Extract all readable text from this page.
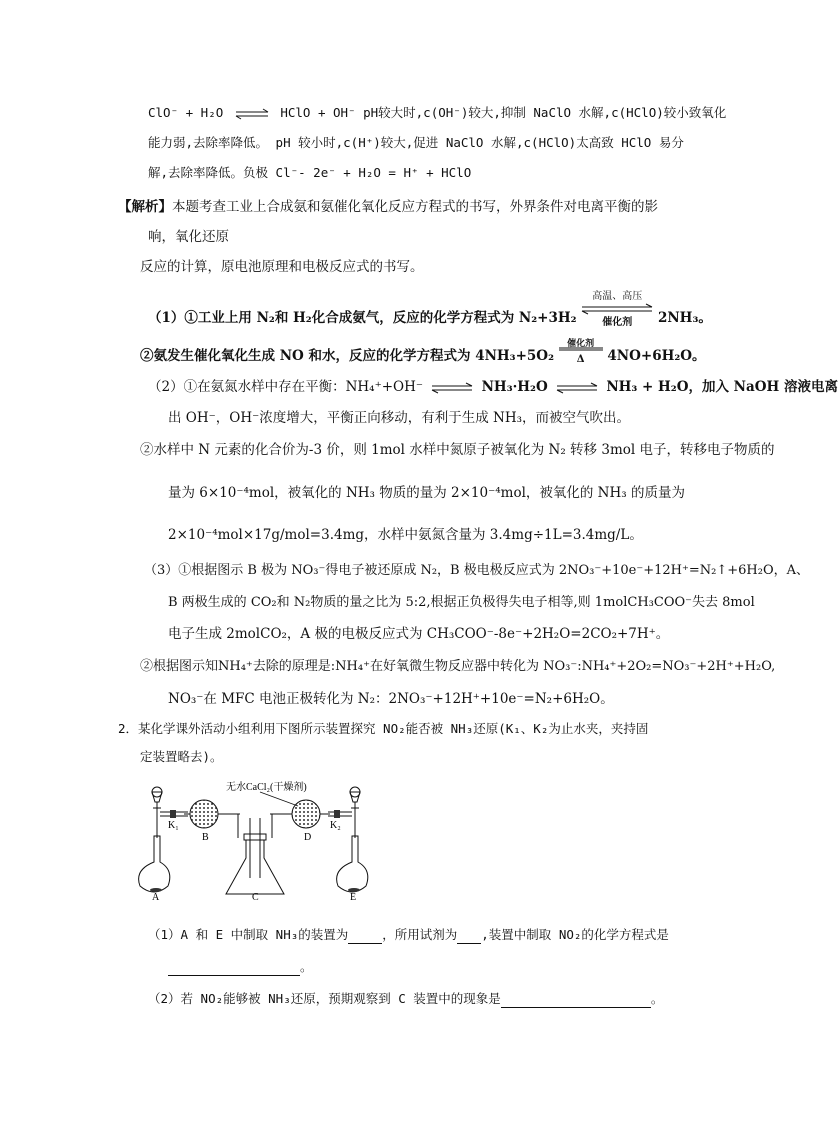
ClO⁻ + H₂O ⇌ HClO + OH⁻ pH较大时,c(OH⁻)较大,抑制 NaClO 水解,c(HClO)较小致氧化
能力弱,去除率降低。 pH 较小时,c(H⁺)较大,促进 NaClO 水解,c(HClO)太高致 HClO 易分
解,去除率降低。负极 Cl⁻- 2e⁻ + H₂O = H⁺ + HClO
【解析】本题考查工业上合成氨和氨催化氧化反应方程式的书写，外界条件对电离平衡的影
响，氧化还原
反应的计算，原电池原理和电极反应式的书写。
（1）①工业上用 N₂和 H₂化合成氨气，反应的化学方程式为 N₂+3H₂
高温、高压
催化剂	2NH₃。
②氨发生催化氧化生成 NO 和水，反应的化学方程式为 4NH₃+5O₂
催化剂
Δ	4NO+6H₂O。
（2）①在氨氮水样中存在平衡：NH₄⁺+OH⁻ ⇌ NH₃·H₂O ⇌ NH₃ + H₂O，加入 NaOH 溶液电离
出 OH⁻，OH⁻浓度增大，平衡正向移动，有利于生成 NH₃，而被空气吹出。
②水样中 N 元素的化合价为-3 价，则 1mol 水样中氮原子被氧化为 N₂ 转移 3mol 电子，转移电子物质的
量为 6×10⁻⁴mol，被氧化的 NH₃ 物质的量为 2×10⁻⁴mol，被氧化的 NH₃ 的质量为
2×10⁻⁴mol×17g/mol=3.4mg，水样中氨氮含量为 3.4mg÷1L=3.4mg/L。
（3）①根据图示 B 极为 NO₃⁻得电子被还原成 N₂，B 极电极反应式为 2NO₃⁻+10e⁻+12H⁺=N₂↑+6H₂O，A、
B 两极生成的 CO₂和 N₂物质的量之比为 5:2,根据正负极得失电子相等,则 1molCH₃COO⁻失去 8mol
电子生成 2molCO₂，A 极的电极反应式为 CH₃COO⁻-8e⁻+2H₂O=2CO₂+7H⁺。
②根据图示知NH₄⁺去除的原理是:NH₄⁺在好氧微生物反应器中转化为 NO₃⁻:NH₄⁺+2O₂=NO₃⁻+2H⁺+H₂O,
NO₃⁻在 MFC 电池正极转化为 N₂：2NO₃⁻+12H⁺+10e⁻=N₂+6H₂O。
2．某化学课外活动小组利用下图所示装置探究 NO₂能否被 NH₃还原(K₁、K₂为止水夹，夹持固
定装置略去)。
无水CaCl₂(干燥剂)
A
K₁
B
C
D
K₂
E
（1）A 和 E 中制取 NH₃的装置为	，所用试剂为 ,装置中制取 NO₂的化学方程式是
。
（2）若 NO₂能够被 NH₃还原，预期观察到 C 装置中的现象是	。
